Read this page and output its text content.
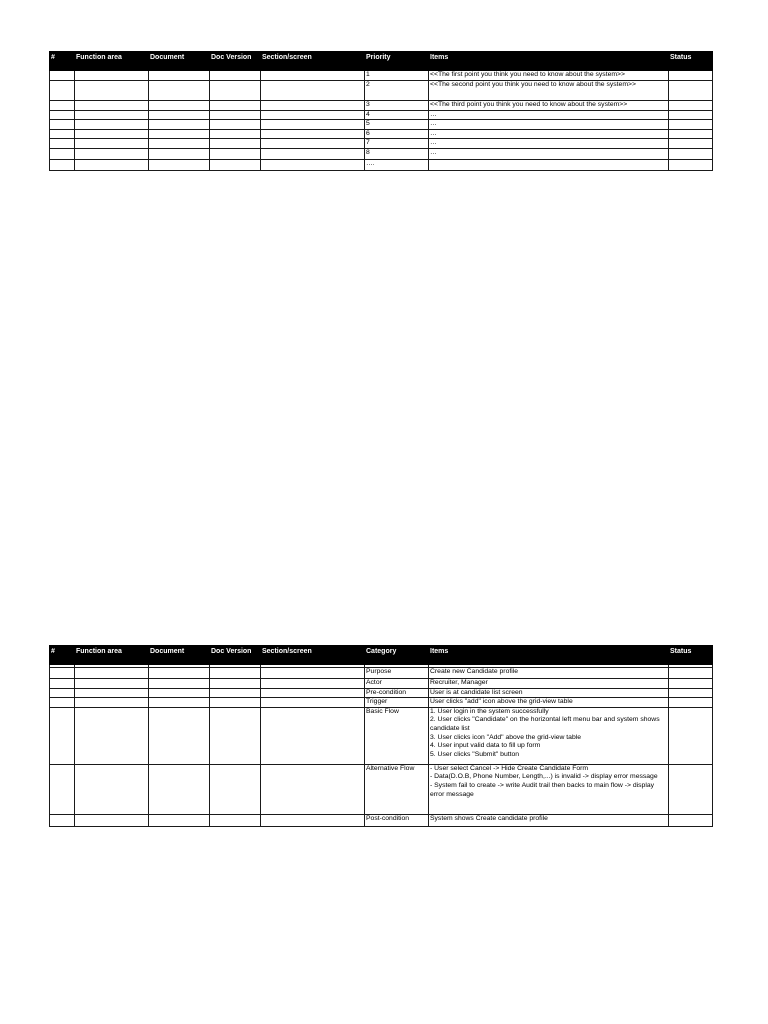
#	Function area	Document	Doc Version	Section/screen	Priority	Items	Status
					1	<<The first point you think you need to know about the system>>	
					2	<<The second point you think you need to know about the system>>	
					3	<<The third point you think you need to know about the system>>	
					4	…	
					5	…	
					6	…	
					7	…	
					8	…	
					….		
#	Function area	Document	Doc Version	Section/screen	Category	Items	Status

					Purpose	Create new Candidate profile	
					Actor	Recruiter, Manager	
					Pre-condition	User is at candidate list screen	
					Trigger	User clicks "add" icon above the grid-view table	
					Basic Flow	1. User login in the system successfully
2. User clicks "Candidate" on the horizontal left menu bar and system shows candidate list
3. User clicks icon "Add" above the grid-view table
4. User input valid data to fill up form
5. User clicks "Submit" button	

					Alternative Flow	- User select Cancel -> Hide Create Candidate Form
- Data(D.O.B, Phone Number, Length,...) is invalid -> display error message
- System fail to create -> write Audit trail then backs to main flow -> display error message	

					Post-condition	System shows Create candidate profile	
